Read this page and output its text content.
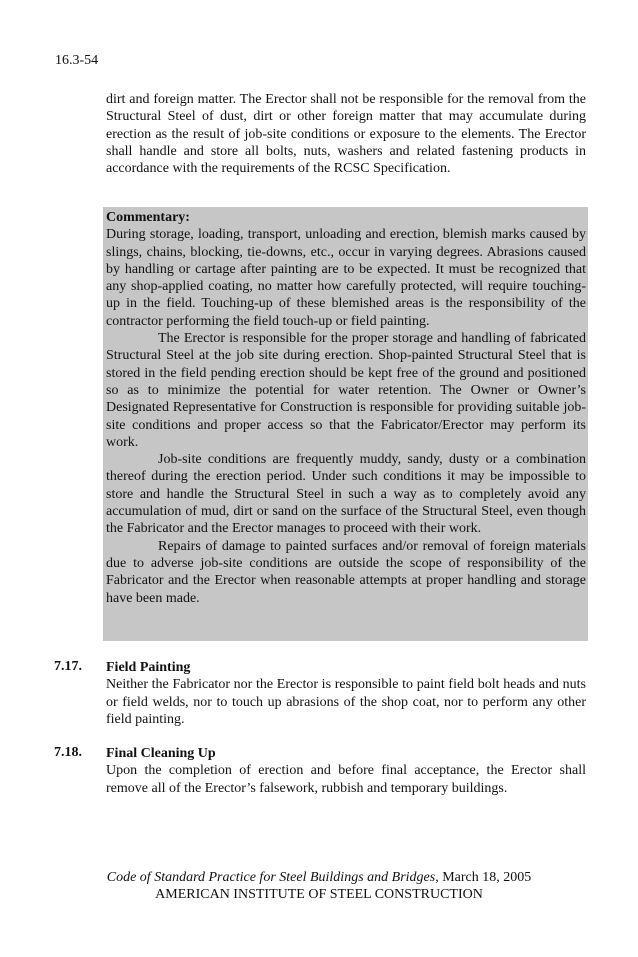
16.3-54

dirt and foreign matter. The Erector shall not be responsible for the removal from the Structural Steel of dust, dirt or other foreign matter that may accumulate during erection as the result of job-site conditions or exposure to the elements. The Erector shall handle and store all bolts, nuts, washers and related fastening products in accordance with the requirements of the RCSC Specification.

Commentary:

During storage, loading, transport, unloading and erection, blemish marks caused by slings, chains, blocking, tie-downs, etc., occur in varying degrees. Abrasions caused by handling or cartage after painting are to be expected. It must be recognized that any shop-applied coating, no matter how carefully protected, will require touching-up in the field. Touching-up of these blemished areas is the responsibility of the contractor performing the field touch-up or field painting.

The Erector is responsible for the proper storage and handling of fabricated Structural Steel at the job site during erection. Shop-painted Structural Steel that is stored in the field pending erection should be kept free of the ground and positioned so as to minimize the potential for water retention. The Owner or Owner’s Designated Representative for Construction is responsible for providing suitable job-site conditions and proper access so that the Fabricator/Erector may perform its work.

Job-site conditions are frequently muddy, sandy, dusty or a combination thereof during the erection period. Under such conditions it may be impossible to store and handle the Structural Steel in such a way as to completely avoid any accumulation of mud, dirt or sand on the surface of the Structural Steel, even though the Fabricator and the Erector manages to proceed with their work.

Repairs of damage to painted surfaces and/or removal of foreign materials due to adverse job-site conditions are outside the scope of responsibility of the Fabricator and the Erector when reasonable attempts at proper handling and storage have been made.

7.17. Field Painting

Neither the Fabricator nor the Erector is responsible to paint field bolt heads and nuts or field welds, nor to touch up abrasions of the shop coat, nor to perform any other field painting.

7.18. Final Cleaning Up

Upon the completion of erection and before final acceptance, the Erector shall remove all of the Erector’s falsework, rubbish and temporary buildings.

Code of Standard Practice for Steel Buildings and Bridges, March 18, 2005
AMERICAN INSTITUTE OF STEEL CONSTRUCTION
